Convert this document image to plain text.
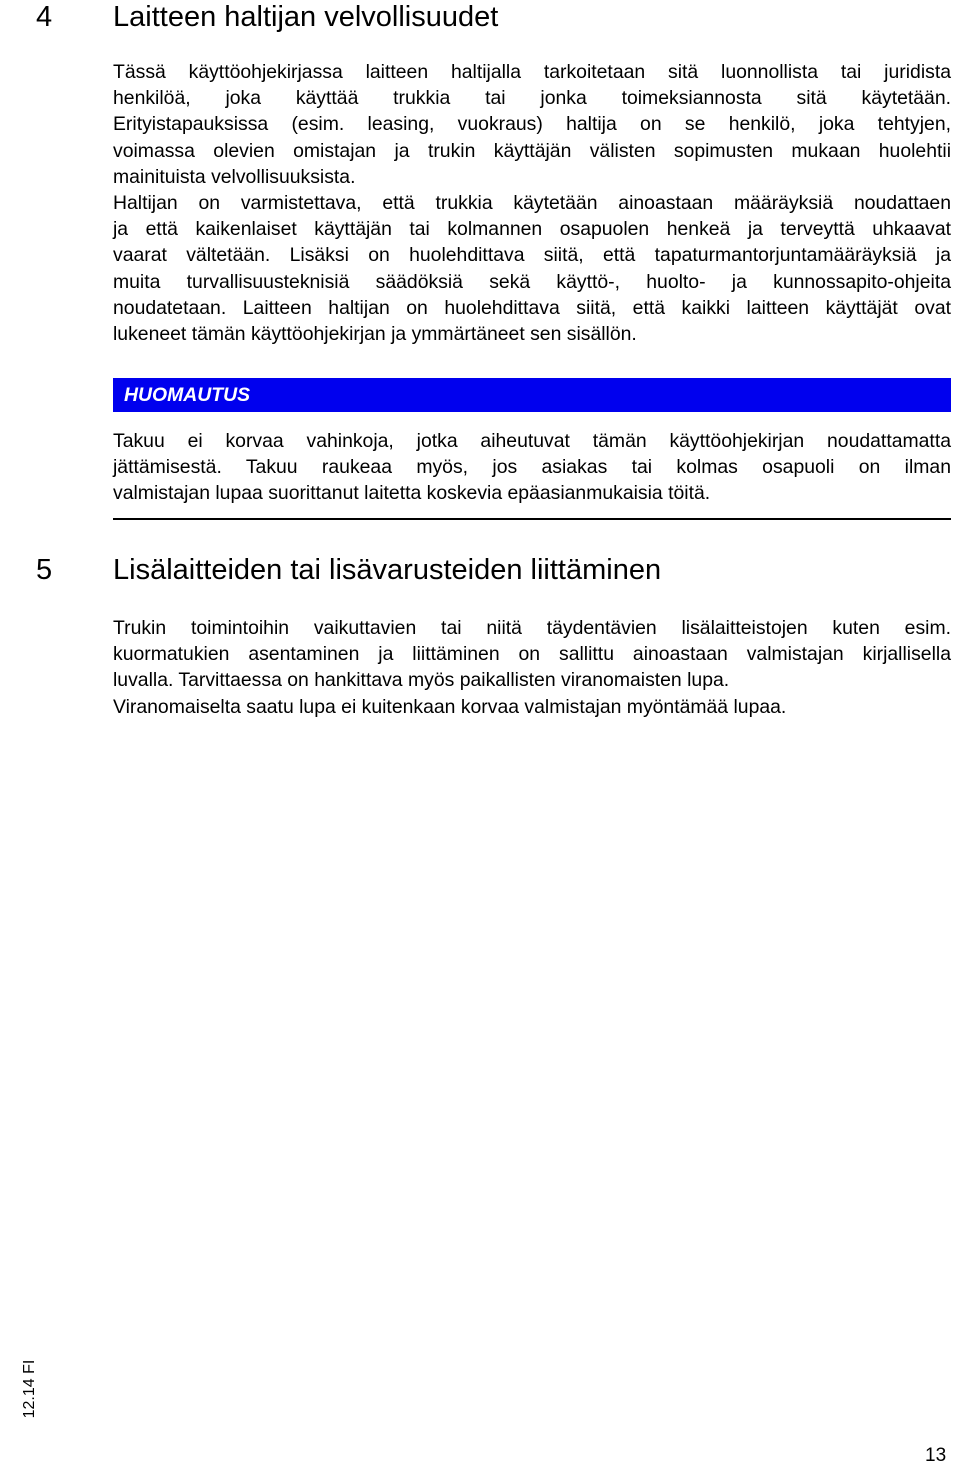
4 Laitteen haltijan velvollisuudet
Tässä käyttöohjekirjassa laitteen haltijalla tarkoitetaan sitä luonnollista tai juridista
henkilöä, joka käyttää trukkia tai jonka toimeksiannosta sitä käytetään.
Erityistapauksissa (esim. leasing, vuokraus) haltija on se henkilö, joka tehtyjen,
voimassa olevien omistajan ja trukin käyttäjän välisten sopimusten mukaan huolehtii
mainituista velvollisuuksista.
Haltijan on varmistettava, että trukkia käytetään ainoastaan määräyksiä noudattaen
ja että kaikenlaiset käyttäjän tai kolmannen osapuolen henkeä ja terveyttä uhkaavat
vaarat vältetään. Lisäksi on huolehdittava siitä, että tapaturmantorjuntamääräyksiä ja
muita turvallisuusteknisiä säädöksiä sekä käyttö-, huolto- ja kunnossapito-ohjeita
noudatetaan. Laitteen haltijan on huolehdittava siitä, että kaikki laitteen käyttäjät ovat
lukeneet tämän käyttöohjekirjan ja ymmärtäneet sen sisällön.
HUOMAUTUS
Takuu ei korvaa vahinkoja, jotka aiheutuvat tämän käyttöohjekirjan noudattamatta
jättämisestä. Takuu raukeaa myös, jos asiakas tai kolmas osapuoli on ilman
valmistajan lupaa suorittanut laitetta koskevia epäasianmukaisia töitä.
5 Lisälaitteiden tai lisävarusteiden liittäminen
Trukin toimintoihin vaikuttavien tai niitä täydentävien lisälaitteistojen kuten esim.
kuormatukien asentaminen ja liittäminen on sallittu ainoastaan valmistajan kirjallisella
luvalla. Tarvittaessa on hankittava myös paikallisten viranomaisten lupa.
Viranomaiselta saatu lupa ei kuitenkaan korvaa valmistajan myöntämää lupaa.
12.14 FI
13
